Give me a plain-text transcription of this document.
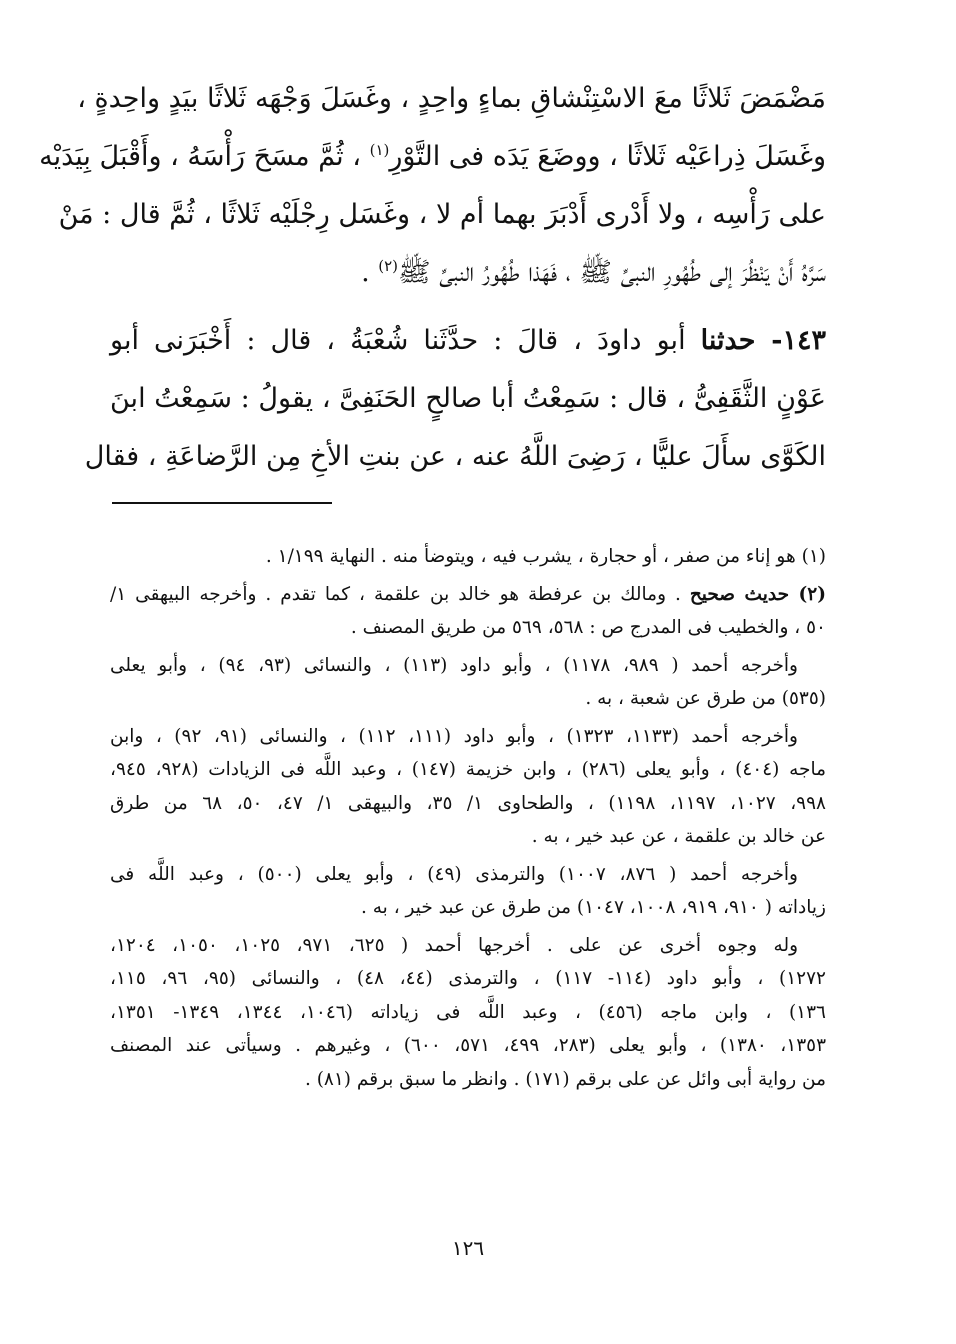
مَضْمَضَ ثَلاثًا معَ الاسْتِنْشاقِ بماءٍ واحِدٍ ، وغَسَلَ وَجْهَه ثَلاثًا بيَدٍ واحِدةٍ ،
وغَسَلَ ذِراعَيْه ثَلاثًا ، ووضَعَ يَدَه فى التَّوْرِ$^{(١)}$ ، ثُمَّ مسَحَ رَأْسَهُ ، وأَقْبَلَ بِيَدَيْه
على رَأْسِه ، ولا أَدْرى أَدْبَرَ بهما أم لا ، وغَسَل رِجْلَيْه ثَلاثًا ، ثُمَّ قال : مَنْ
سَرَّهُ أَنْ يَنْظُرَ إلى طُهُورِ النبىِّ ﷺ ، فَهَذا طُهُورُ النبىِّ ﷺ$^{(٢)}$ .
١٤٣- حدثنا أبو داودَ ، قالَ : حدَّثَنا شُعْبَةُ ، قال : أَخْبَرَنى أبو
عَوْنٍ الثَّقَفِىُّ ، قال : سَمِعْتُ أبا صالحٍ الحَنَفِىَّ ، يقولُ : سَمِعْتُ ابنَ
الكَوَّى سأَلَ عليًّا ، رَضِىَ اللَّهُ عنه ، عن بنتِ الأخِ مِن الرَّضاعَةِ ، فقال
(١) هو إناء من صفر ، أو حجارة ، يشرب فيه ، ويتوضأ منه . النهاية ١/١٩٩ .
(٢) حديث صحيح . ومالك بن عرفطة هو خالد بن علقمة ، كما تقدم . وأخرجه البيهقى ١/
٥٠ ، والخطيب فى المدرج ص : ٥٦٨، ٥٦٩ من طريق المصنف .
وأخرجه أحمد ( ٩٨٩، ١١٧٨) ، وأبو داود (١١٣) ، والنسائى (٩٣، ٩٤) ، وأبو يعلى
(٥٣٥) من طرق عن شعبة ، به .
وأخرجه أحمد (١١٣٣، ١٣٢٣) ، وأبو داود (١١١، ١١٢) ، والنسائى (٩١، ٩٢) ، وابن
ماجه (٤٠٤) ، وأبو يعلى (٢٨٦) ، وابن خزيمة (١٤٧) ، وعبد اللَّه فى الزيادات (٩٢٨، ٩٤٥،
٩٩٨، ١٠٢٧، ١١٩٧، ١١٩٨) ، والطحاوى ١/ ٣٥، والبيهقى ١/ ٤٧، ٥٠، ٦٨ من طرق
عن خالد بن علقمة ، عن عبد خير ، به .
وأخرجه أحمد ( ٨٧٦، ١٠٠٧) والترمذى (٤٩) ، وأبو يعلى (٥٠٠) ، وعبد اللَّه فى
زياداته ( ٩١٠، ٩١٩، ١٠٠٨، ١٠٤٧) من طرق عن عبد خير ، به .
وله وجوه أخرى عن على . أخرجها أحمد ( ٦٢٥، ٩٧١، ١٠٢٥، ١٠٥٠، ١٢٠٤،
١٢٧٢) ، وأبو داود (١١٤- ١١٧) ، والترمذى (٤٤، ٤٨) ، والنسائى (٩٥، ٩٦، ١١٥،
١٣٦) ، وابن ماجه (٤٥٦) ، وعبد اللَّه فى زياداته (١٠٤٦، ١٣٤٤، ١٣٤٩- ١٣٥١،
١٣٥٣، ١٣٨٠) ، وأبو يعلى (٢٨٣، ٤٩٩، ٥٧١، ٦٠٠) ، وغيرهم . وسيأتى عند المصنف
من رواية أبى وائل عن على برقم (١٧١) . وانظر ما سبق برقم (٨١) .
١٢٦
